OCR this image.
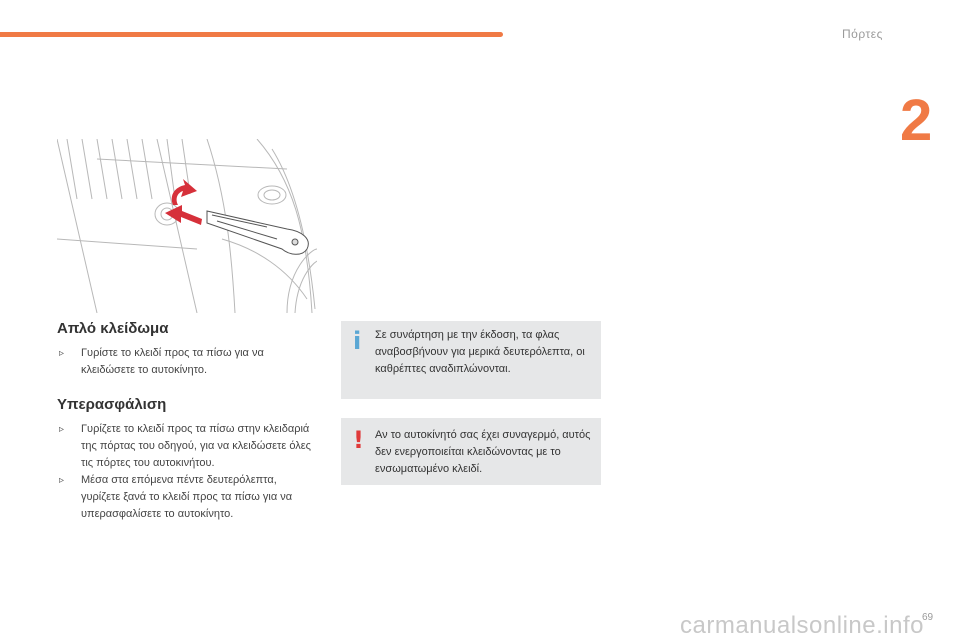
Πόρτες
2
Απλό κλείδωμα
▹ Γυρίστε το κλειδί προς τα πίσω για να κλειδώσετε το αυτοκίνητο.
Υπερασφάλιση
▹ Γυρίζετε το κλειδί προς τα πίσω στην κλειδαριά της πόρτας του οδηγού, για να κλειδώσετε όλες τις πόρτες του αυτοκινήτου.
▹ Μέσα στα επόμενα πέντε δευτερόλεπτα, γυρίζετε ξανά το κλειδί προς τα πίσω για να υπερασφαλίσετε το αυτοκίνητο.
i Σε συνάρτηση με την έκδοση, τα φλας αναβοσβήνουν για μερικά δευτερόλεπτα, οι καθρέπτες αναδιπλώνονται.
! Αν το αυτοκίνητό σας έχει συναγερμό, αυτός δεν ενεργοποιείται κλειδώνοντας με το ενσωματωμένο κλειδί.
carmanualsonline.info
69
